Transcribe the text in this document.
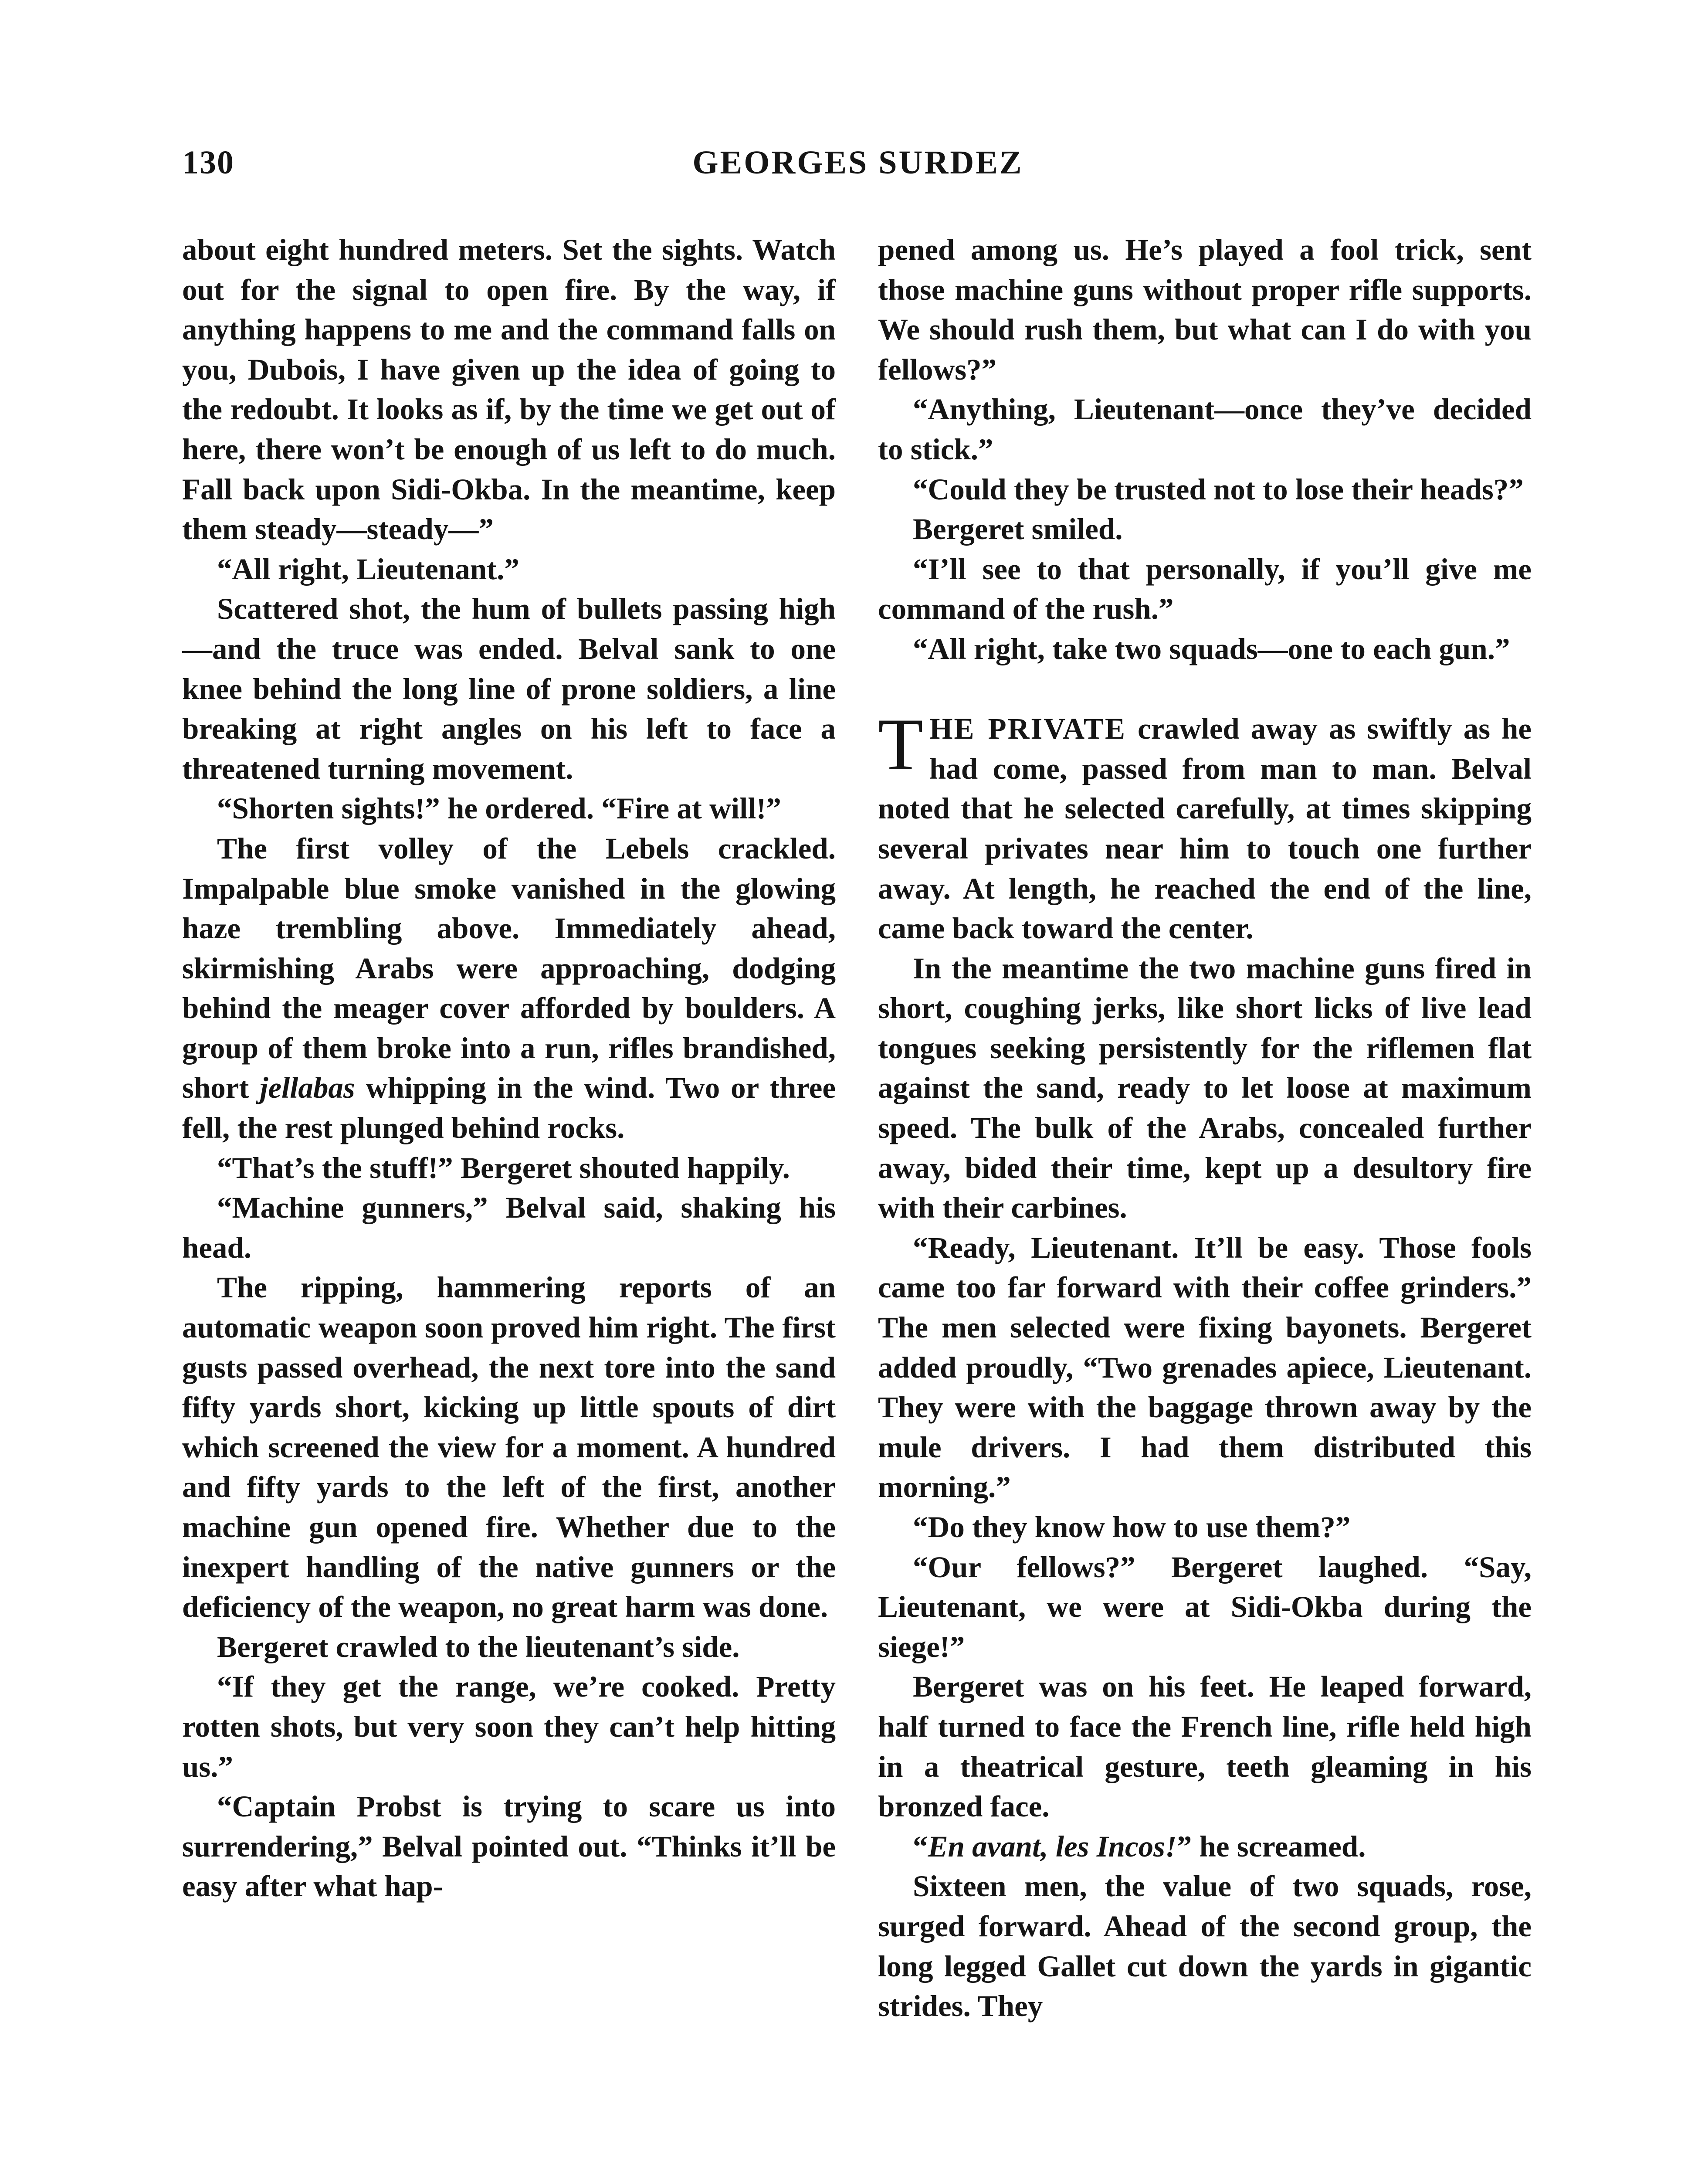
130	GEORGES SURDEZ

about eight hundred meters. Set the sights. Watch out for the signal to open fire. By the way, if anything happens to me and the command falls on you, Dubois, I have given up the idea of going to the redoubt. It looks as if, by the time we get out of here, there won’t be enough of us left to do much. Fall back upon Sidi-Okba. In the meantime, keep them steady—steady—”

“All right, Lieutenant.”

Scattered shot, the hum of bullets passing high—and the truce was ended. Belval sank to one knee behind the long line of prone soldiers, a line breaking at right angles on his left to face a threatened turning movement.

“Shorten sights!” he ordered. “Fire at will!”

The first volley of the Lebels crackled. Impalpable blue smoke vanished in the glowing haze trembling above. Immediately ahead, skirmishing Arabs were approaching, dodging behind the meager cover afforded by boulders. A group of them broke into a run, rifles brandished, short jellabas whipping in the wind. Two or three fell, the rest plunged behind rocks.

“That’s the stuff!” Bergeret shouted happily.

“Machine gunners,” Belval said, shaking his head.

The ripping, hammering reports of an automatic weapon soon proved him right. The first gusts passed overhead, the next tore into the sand fifty yards short, kicking up little spouts of dirt which screened the view for a moment. A hundred and fifty yards to the left of the first, another machine gun opened fire. Whether due to the inexpert handling of the native gunners or the deficiency of the weapon, no great harm was done.

Bergeret crawled to the lieutenant’s side.

“If they get the range, we’re cooked. Pretty rotten shots, but very soon they can’t help hitting us.”

“Captain Probst is trying to scare us into surrendering,” Belval pointed out. “Thinks it’ll be easy after what hap-

pened among us. He’s played a fool trick, sent those machine guns without proper rifle supports. We should rush them, but what can I do with you fellows?”

“Anything, Lieutenant—once they’ve decided to stick.”

“Could they be trusted not to lose their heads?”

Bergeret smiled.

“I’ll see to that personally, if you’ll give me command of the rush.”

“All right, take two squads—one to each gun.”

THE PRIVATE crawled away as swiftly as he had come, passed from man to man. Belval noted that he selected carefully, at times skipping several privates near him to touch one further away. At length, he reached the end of the line, came back toward the center.

In the meantime the two machine guns fired in short, coughing jerks, like short licks of live lead tongues seeking persistently for the riflemen flat against the sand, ready to let loose at maximum speed. The bulk of the Arabs, concealed further away, bided their time, kept up a desultory fire with their carbines.

“Ready, Lieutenant. It’ll be easy. Those fools came too far forward with their coffee grinders.” The men selected were fixing bayonets. Bergeret added proudly, “Two grenades apiece, Lieutenant. They were with the baggage thrown away by the mule drivers. I had them distributed this morning.”

“Do they know how to use them?”

“Our fellows?” Bergeret laughed. “Say, Lieutenant, we were at Sidi-Okba during the siege!”

Bergeret was on his feet. He leaped forward, half turned to face the French line, rifle held high in a theatrical gesture, teeth gleaming in his bronzed face.

“En avant, les Incos!” he screamed.

Sixteen men, the value of two squads, rose, surged forward. Ahead of the second group, the long legged Gallet cut down the yards in gigantic strides. They
